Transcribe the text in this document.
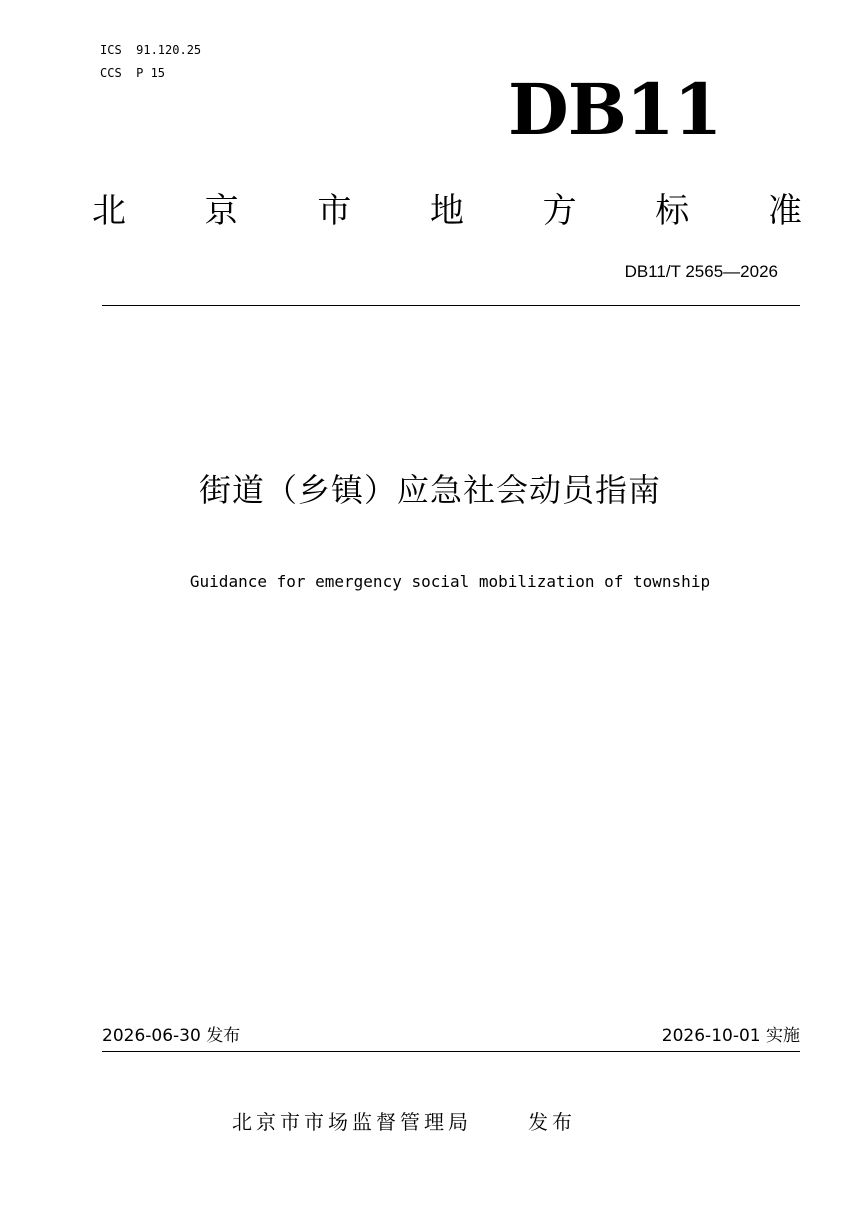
ICS  91.120.25
CCS  P 15	DB11
北 京 市 地 方 标 准
DB11/T 2565—2026
街道（乡镇）应急社会动员指南
Guidance for emergency social mobilization of township
2026-06-30 发布	2026-10-01 实施
北京市市场监督管理局	发布
